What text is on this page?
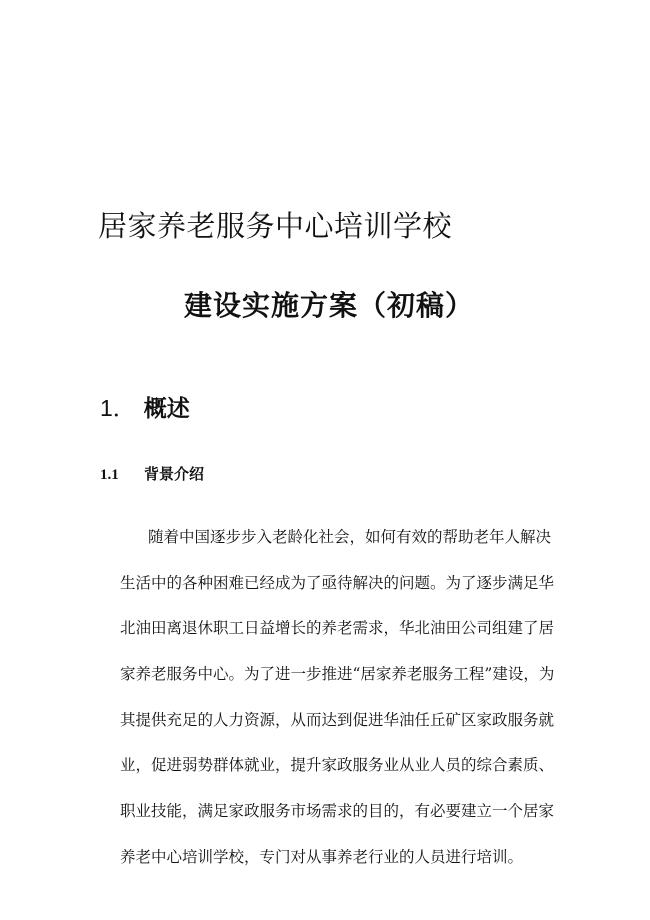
居家养老服务中心培训学校
建设实施方案（初稿）
1． 概述
1.1 背景介绍
随着中国逐步步入老龄化社会，如何有效的帮助老年人解决
生活中的各种困难已经成为了亟待解决的问题。为了逐步满足华
北油田离退休职工日益增长的养老需求，华北油田公司组建了居
家养老服务中心。为了进一步推进“居家养老服务工程”建设，为
其提供充足的人力资源，从而达到促进华油任丘矿区家政服务就
业，促进弱势群体就业，提升家政服务业从业人员的综合素质、
职业技能，满足家政服务市场需求的目的，有必要建立一个居家
养老中心培训学校，专门对从事养老行业的人员进行培训。
